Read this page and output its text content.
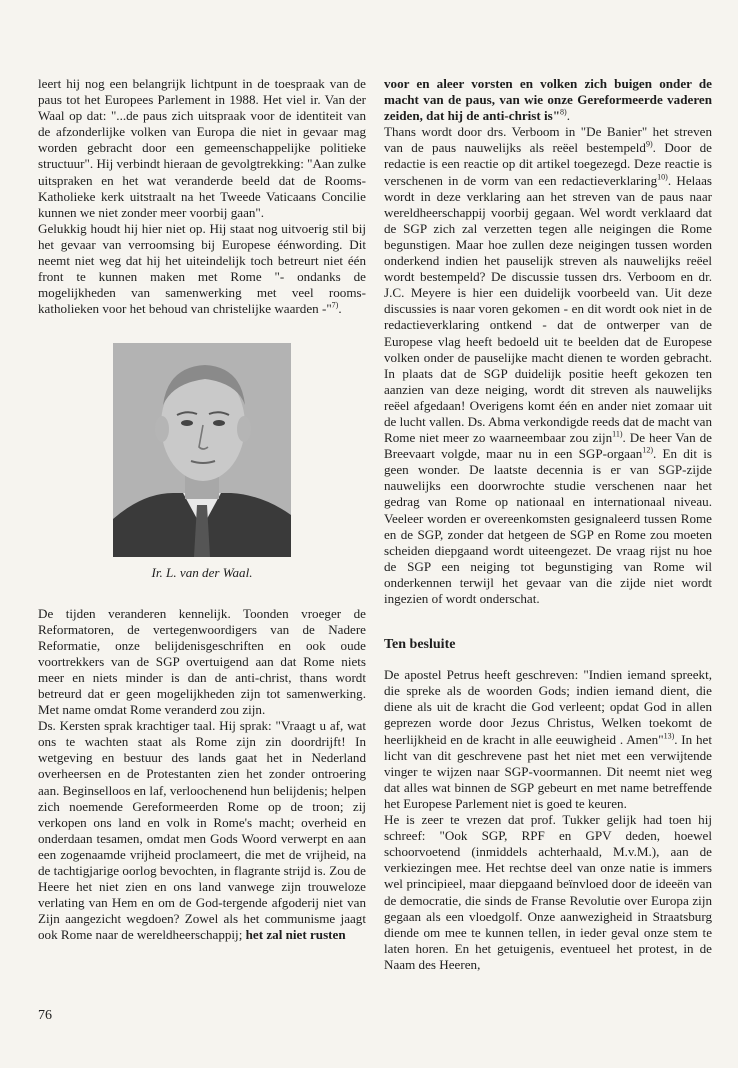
leert hij nog een belangrijk lichtpunt in de toespraak van de paus tot het Europees Parlement in 1988. Het viel ir. Van der Waal op dat: "...de paus zich uitspraak voor de identiteit van de afzonderlijke volken van Europa die niet in gevaar mag worden gebracht door een gemeenschappelijke politieke structuur". Hij verbindt hieraan de gevolgtrekking: "Aan zulke uitspraken en het wat veranderde beeld dat de Rooms-Katholieke kerk uitstraalt na het Tweede Vaticaans Concilie kunnen we niet zonder meer voorbij gaan".

Gelukkig houdt hij hier niet op. Hij staat nog uitvoerig stil bij het gevaar van verroomsing bij Europese éénwording. Dit neemt niet weg dat hij het uiteindelijk toch betreurt niet één front te kunnen maken met Rome "- ondanks de mogelijkheden van samenwerking met veel rooms-katholieken voor het behoud van christelijke waarden -"$^{7)}$.

Ir. L. van der Waal.

De tijden veranderen kennelijk. Toonden vroeger de Reformatoren, de vertegenwoordigers van de Nadere Reformatie, onze belijdenisgeschriften en ook oude voortrekkers van de SGP overtuigend aan dat Rome niets meer en niets minder is dan de anti-christ, thans wordt betreurd dat er geen mogelijkheden zijn tot samenwerking. Met name omdat Rome veranderd zou zijn.

Ds. Kersten sprak krachtiger taal. Hij sprak: "Vraagt u af, wat ons te wachten staat als Rome zijn zin doordrijft! In wetgeving en bestuur des lands gaat het in Nederland overheersen en de Protestanten zien het zonder ontroering aan. Beginselloos en laf, verloochenend hun belijdenis; helpen zich noemende Gereformeerden Rome op de troon; zij verkopen ons land en volk in Rome's macht; overheid en onderdaan tesamen, omdat men Gods Woord verwerpt en aan een zogenaamde vrijheid proclameert, die met de vrijheid, na de tachtigjarige oorlog bevochten, in flagrante strijd is. Zou de Heere het niet zien en ons land vanwege zijn trouweloze verlating van Hem en om de God-tergende afgoderij niet van Zijn aangezicht wegdoen? Zowel als het communisme jaagt ook Rome naar de wereldheerschappij; het zal niet rusten

voor en aleer vorsten en volken zich buigen onder de macht van de paus, van wie onze Gereformeerde vaderen zeiden, dat hij de anti-christ is"$^{8)}$.

Thans wordt door drs. Verboom in "De Banier" het streven van de paus nauwelijks als reëel bestempeld$^{9)}$. Door de redactie is een reactie op dit artikel toegezegd. Deze reactie is verschenen in de vorm van een redactieverklaring$^{10)}$. Helaas wordt in deze verklaring aan het streven van de paus naar wereldheerschappij voorbij gegaan. Wel wordt verklaard dat de SGP zich zal verzetten tegen alle neigingen die Rome begunstigen. Maar hoe zullen deze neigingen tussen worden onderkend indien het pauselijk streven als nauwelijks reëel wordt bestempeld? De discussie tussen drs. Verboom en dr. J.C. Meyere is hier een duidelijk voorbeeld van. Uit deze discussies is naar voren gekomen - en dit wordt ook niet in de redactieverklaring ontkend - dat de ontwerper van de Europese vlag heeft bedoeld uit te beelden dat de Europese volken onder de pauselijke macht dienen te worden gebracht. In plaats dat de SGP duidelijk positie heeft gekozen ten aanzien van deze neiging, wordt dit streven als nauwelijks reëel afgedaan! Overigens komt één en ander niet zomaar uit de lucht vallen. Ds. Abma verkondigde reeds dat de macht van Rome niet meer zo waarneembaar zou zijn$^{11)}$. De heer Van de Breevaart volgde, maar nu in een SGP-orgaan$^{12)}$. En dit is geen wonder. De laatste decennia is er van SGP-zijde nauwelijks een doorwrochte studie verschenen naar het gedrag van Rome op nationaal en internationaal niveau. Veeleer worden er overeenkomsten gesignaleerd tussen Rome en de SGP, zonder dat hetgeen de SGP en Rome zou moeten scheiden diepgaand wordt uiteengezet. De vraag rijst nu hoe de SGP een neiging tot begunstiging van Rome wil onderkennen terwijl het gevaar van die zijde niet wordt ingezien of wordt onderschat.

Ten besluite

De apostel Petrus heeft geschreven: "Indien iemand spreekt, die spreke als de woorden Gods; indien iemand dient, die diene als uit de kracht die God verleent; opdat God in allen geprezen worde door Jezus Christus, Welken toekomt de heerlijkheid en de kracht in alle eeuwigheid . Amen"$^{13)}$. In het licht van dit geschrevene past het niet met een verwijtende vinger te wijzen naar SGP-voormannen. Dit neemt niet weg dat alles wat binnen de SGP gebeurt en met name betreffende het Europese Parlement niet is goed te keuren.

He is zeer te vrezen dat prof. Tukker gelijk had toen hij schreef: "Ook SGP, RPF en GPV deden, hoewel schoorvoetend (inmiddels achterhaald, M.v.M.), aan de verkiezingen mee. Het rechtse deel van onze natie is immers wel principieel, maar diepgaand beïnvloed door de ideeën van de democratie, die sinds de Franse Revolutie over Europa zijn gegaan als een vloedgolf. Onze aanwezigheid in Straatsburg diende om mee te kunnen tellen, in ieder geval onze stem te laten horen. En het getuigenis, eventueel het protest, in de Naam des Heeren,

76
